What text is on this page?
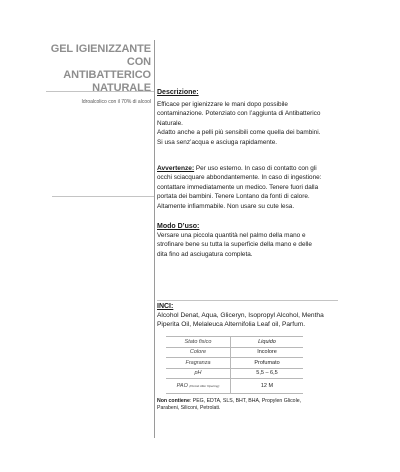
GEL IGIENIZZANTE
CON ANTIBATTERICO
NATURALE
Idroalcolico con il 70% di alcool
Descrizione:

Efficace per igienizzare le mani dopo possibile

contaminazione. Potenziato con l’aggiunta di Antibatterico

Naturale.

Adatto anche a pelli più sensibili come quella dei bambini.

Si usa senz’acqua e asciuga rapidamente.

Avvertenze: Per uso esterno. In caso di contatto con gli

occhi sciacquare abbondantemente. In caso di ingestione:

contattare immediatamente un medico. Tenere fuori dalla

portata dei bambini. Tenere Lontano da fonti di calore.

Altamente infiammabile. Non usare su cute lesa.

Modo D’uso:

Versare una piccola quantità nel palmo della mano e

strofinare bene su tutta la superficie della mano e delle

dita fino ad asciugatura completa.

INCI:

Alcohol Denat, Aqua, Gliceryn, Isopropyl Alcohol, Mentha

Piperita Oil, Melaleuca Alternifolia Leaf oil, Parfum.

Stato fisico	Liquido
Colore	Incolore
Fragranza	Profumato
pH	5,5 – 6,5
PAO (Period After Opening)	12 M
Non contiene: PEG, EDTA, SLS, BHT, BHA, Propylen Glicole,
Parabeni, Siliconi, Petrolati.
